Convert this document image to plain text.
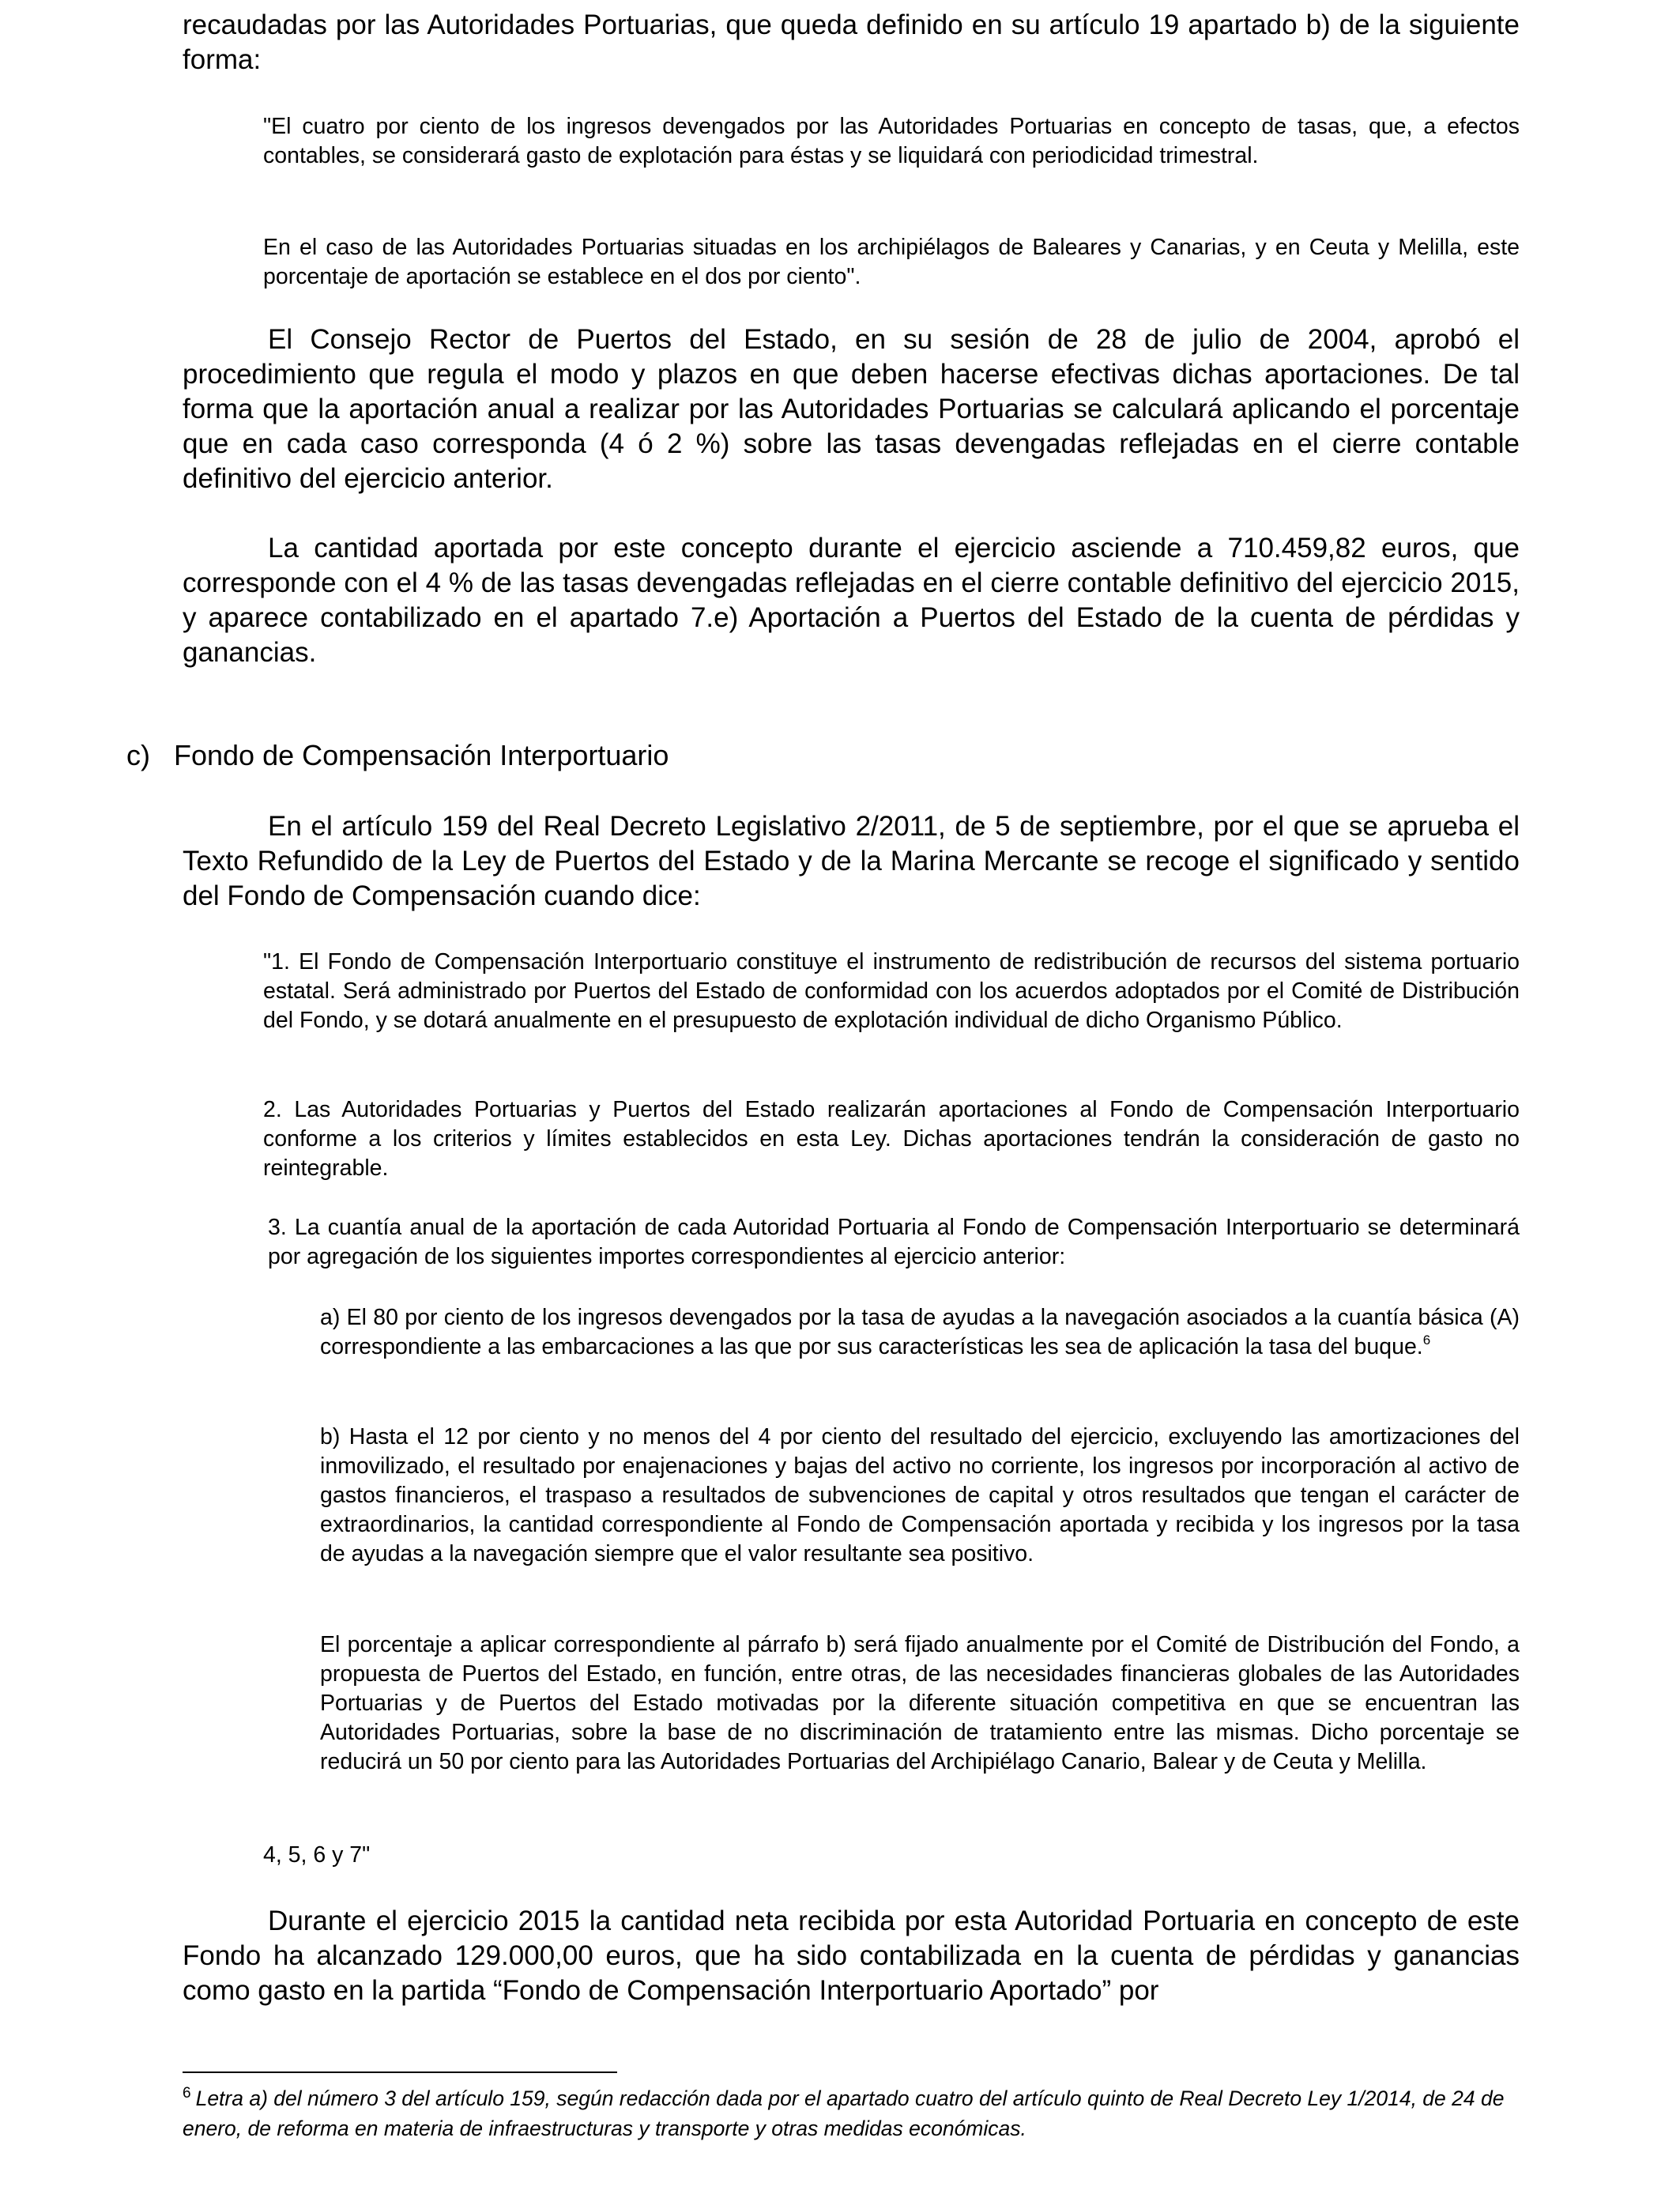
recaudadas por las Autoridades Portuarias, que queda definido en su artículo 19 apartado b) de la siguiente forma:

"El cuatro por ciento de los ingresos devengados por las Autoridades Portuarias en concepto de tasas, que, a efectos contables, se considerará gasto de explotación para éstas y se liquidará con periodicidad trimestral.

En el caso de las Autoridades Portuarias situadas en los archipiélagos de Baleares y Canarias, y en Ceuta y Melilla, este porcentaje de aportación se establece en el dos por ciento".

El Consejo Rector de Puertos del Estado, en su sesión de 28 de julio de 2004, aprobó el procedimiento que regula el modo y plazos en que deben hacerse efectivas dichas aportaciones. De tal forma que la aportación anual a realizar por las Autoridades Portuarias se calculará aplicando el porcentaje que en cada caso corresponda (4 ó 2 %) sobre las tasas devengadas reflejadas en el cierre contable definitivo del ejercicio anterior.

La cantidad aportada por este concepto durante el ejercicio asciende a 710.459,82 euros, que corresponde con el 4 % de las tasas devengadas reflejadas en el cierre contable definitivo del ejercicio 2015, y aparece contabilizado en el apartado 7.e) Aportación a Puertos del Estado de la cuenta de pérdidas y ganancias.

c) Fondo de Compensación Interportuario

En el artículo 159 del Real Decreto Legislativo 2/2011, de 5 de septiembre, por el que se aprueba el Texto Refundido de la Ley de Puertos del Estado y de la Marina Mercante se recoge el significado y sentido del Fondo de Compensación cuando dice:

"1. El Fondo de Compensación Interportuario constituye el instrumento de redistribución de recursos del sistema portuario estatal. Será administrado por Puertos del Estado de conformidad con los acuerdos adoptados por el Comité de Distribución del Fondo, y se dotará anualmente en el presupuesto de explotación individual de dicho Organismo Público.

2. Las Autoridades Portuarias y Puertos del Estado realizarán aportaciones al Fondo de Compensación Interportuario conforme a los criterios y límites establecidos en esta Ley. Dichas aportaciones tendrán la consideración de gasto no reintegrable.

3. La cuantía anual de la aportación de cada Autoridad Portuaria al Fondo de Compensación Interportuario se determinará por agregación de los siguientes importes correspondientes al ejercicio anterior:

a) El 80 por ciento de los ingresos devengados por la tasa de ayudas a la navegación asociados a la cuantía básica (A) correspondiente a las embarcaciones a las que por sus características les sea de aplicación la tasa del buque.$^6$

b) Hasta el 12 por ciento y no menos del 4 por ciento del resultado del ejercicio, excluyendo las amortizaciones del inmovilizado, el resultado por enajenaciones y bajas del activo no corriente, los ingresos por incorporación al activo de gastos financieros, el traspaso a resultados de subvenciones de capital y otros resultados que tengan el carácter de extraordinarios, la cantidad correspondiente al Fondo de Compensación aportada y recibida y los ingresos por la tasa de ayudas a la navegación siempre que el valor resultante sea positivo.

El porcentaje a aplicar correspondiente al párrafo b) será fijado anualmente por el Comité de Distribución del Fondo, a propuesta de Puertos del Estado, en función, entre otras, de las necesidades financieras globales de las Autoridades Portuarias y de Puertos del Estado motivadas por la diferente situación competitiva en que se encuentran las Autoridades Portuarias, sobre la base de no discriminación de tratamiento entre las mismas. Dicho porcentaje se reducirá un 50 por ciento para las Autoridades Portuarias del Archipiélago Canario, Balear y de Ceuta y Melilla.

4, 5, 6 y 7"

Durante el ejercicio 2015 la cantidad neta recibida por esta Autoridad Portuaria en concepto de este Fondo ha alcanzado 129.000,00 euros, que ha sido contabilizada en la cuenta de pérdidas y ganancias como gasto en la partida “Fondo de Compensación Interportuario Aportado” por

$^6$ Letra a) del número 3 del artículo 159, según redacción dada por el apartado cuatro del artículo quinto de Real Decreto Ley 1/2014, de 24 de enero, de reforma en materia de infraestructuras y transporte y otras medidas económicas.
